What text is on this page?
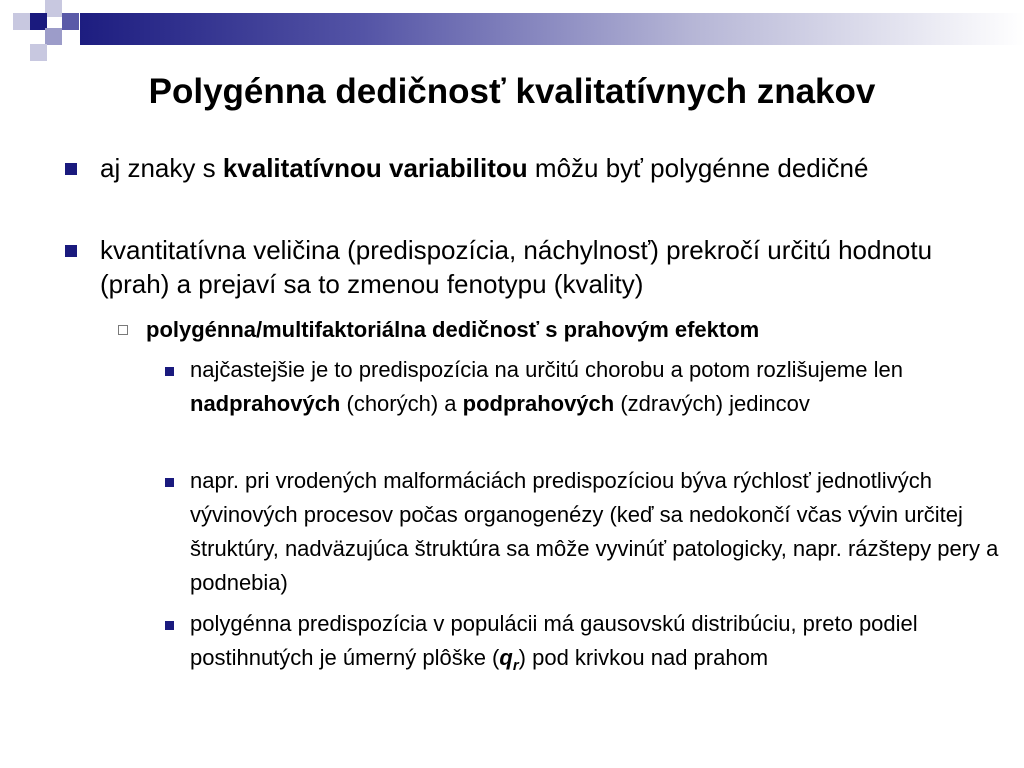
Polygénna dedičnosť kvalitatívnych znakov
aj znaky s kvalitatívnou variabilitou môžu byť polygénne dedičné
kvantitatívna veličina (predispozícia, náchylnosť) prekročí určitú hodnotu (prah) a prejaví sa to zmenou fenotypu (kvality)
polygénna/multifaktoriálna dedičnosť s prahovým efektom
najčastejšie je to predispozícia na určitú chorobu a potom rozlišujeme len nadprahových (chorých) a podprahových (zdravých) jedincov
napr. pri vrodených malformáciách predispozíciou býva rýchlosť jednotlivých vývinových procesov počas organogenézy (keď sa nedokončí včas vývin určitej štruktúry, nadväzujúca štruktúra sa môže vyvinúť patologicky, napr. rázštepy pery a podnebia)
polygénna predispozícia v populácii má gausovskú distribúciu, preto podiel postihnutých je úmerný plôške $(q_r)$ pod krivkou nad prahom
